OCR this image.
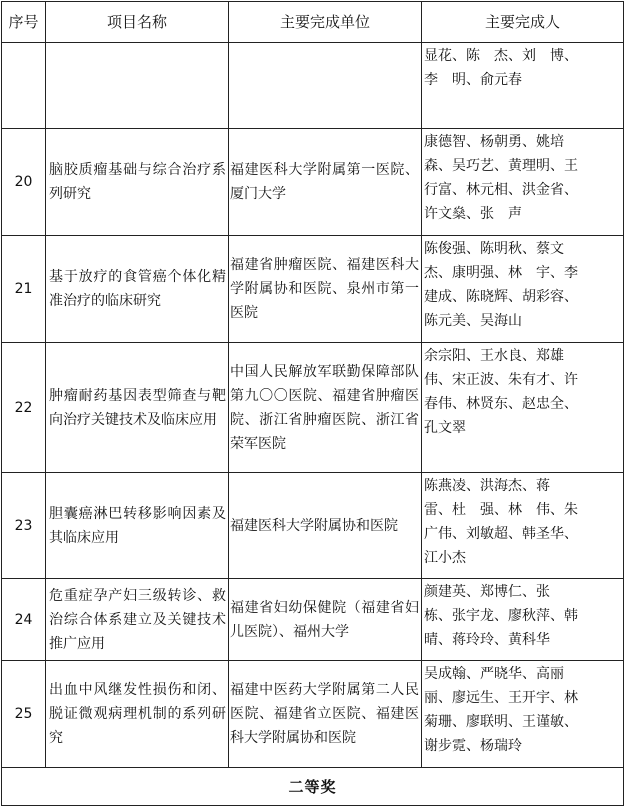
序号	项目名称	主要完成单位	主要完成人
			显花、陈　杰、刘　博、
李　明、俞元春
20	脑胶质瘤基础与综合治疗系列研究	福建医科大学附属第一医院、厦门大学	康德智、杨朝勇、姚培
森、吴巧艺、黄理明、王
行富、林元相、洪金省、
许文燊、张　声
21	基于放疗的食管癌个体化精准治疗的临床研究	福建省肿瘤医院、福建医科大学附属协和医院、泉州市第一医院	陈俊强、陈明秋、蔡文
杰、康明强、林　宇、李
建成、陈晓辉、胡彩容、
陈元美、吴海山
22	肿瘤耐药基因表型筛查与靶向治疗关键技术及临床应用	中国人民解放军联勤保障部队第九〇〇医院、福建省肿瘤医院、浙江省肿瘤医院、浙江省荣军医院	余宗阳、王水良、郑雄
伟、宋正波、朱有才、许
春伟、林贤东、赵忠全、
孔文翠
23	胆囊癌淋巴转移影响因素及其临床应用	福建医科大学附属协和医院	陈燕凌、洪海杰、蒋
雷、杜　强、林　伟、朱
广伟、刘敏超、韩圣华、
江小杰
24	危重症孕产妇三级转诊、救治综合体系建立及关键技术推广应用	福建省妇幼保健院（福建省妇儿医院）、福州大学	颜建英、郑博仁、张
栋、张宇龙、廖秋萍、韩
晴、蒋玲玲、黄科华
25	出血中风继发性损伤和闭、脱证微观病理机制的系列研究	福建中医药大学附属第二人民医院、福建省立医院、福建医科大学附属协和医院	吴成翰、严晓华、高丽
丽、廖远生、王开宇、林
菊珊、廖联明、王谨敏、
谢步霓、杨瑞玲
二等奖			
